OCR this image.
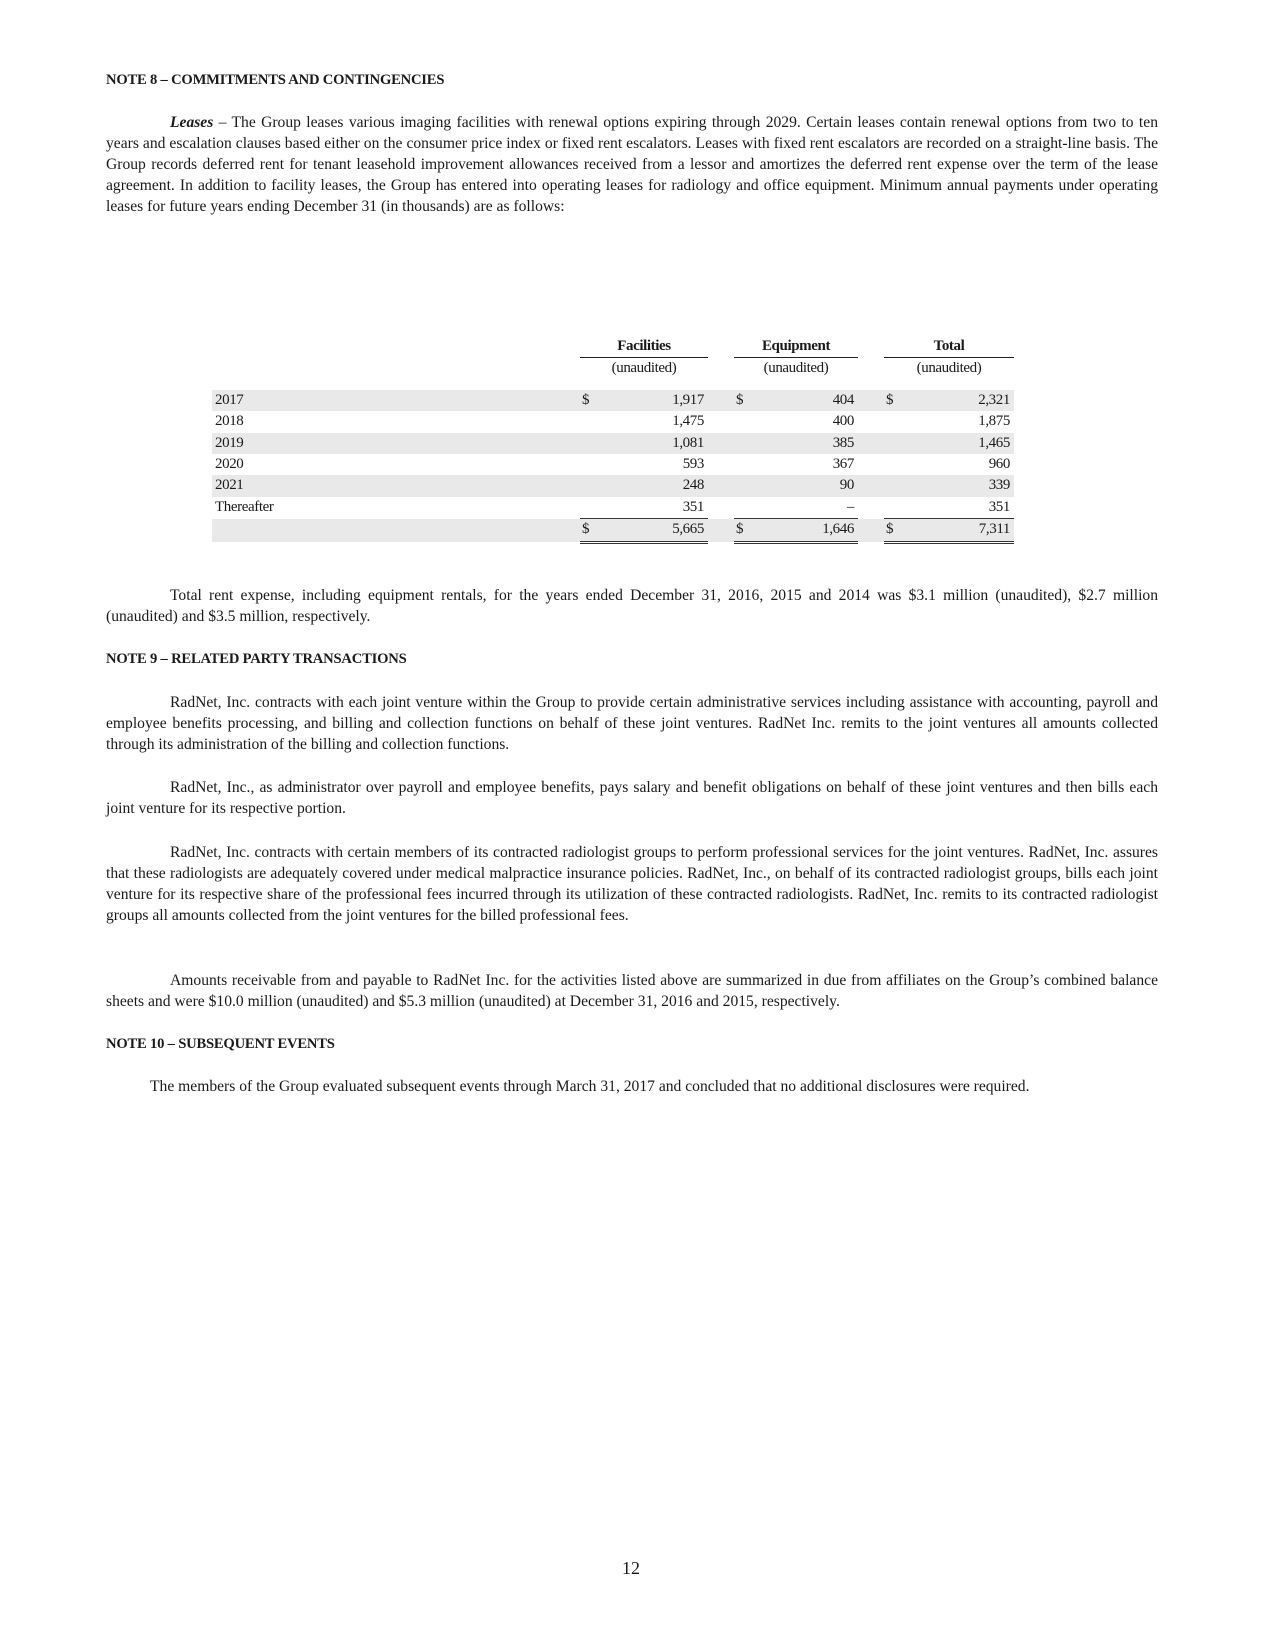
NOTE 8 – COMMITMENTS AND CONTINGENCIES

Leases – The Group leases various imaging facilities with renewal options expiring through 2029. Certain leases contain renewal options from two to ten years and escalation clauses based either on the consumer price index or fixed rent escalators. Leases with fixed rent escalators are recorded on a straight-line basis. The Group records deferred rent for tenant leasehold improvement allowances received from a lessor and amortizes the deferred rent expense over the term of the lease agreement. In addition to facility leases, the Group has entered into operating leases for radiology and office equipment. Minimum annual payments under operating leases for future years ending December 31 (in thousands) are as follows:

	Facilities			Equipment			Total	
	(unaudited)			(unaudited)			(unaudited)	

2017	$	1,917		$	404		$	2,321
2018		1,475			400			1,875
2019		1,081			385			1,465
2020		593			367			960
2021		248			90			339
Thereafter		351			–			351
	$	5,665		$	1,646		$	7,311

Total rent expense, including equipment rentals, for the years ended December 31, 2016, 2015 and 2014 was $3.1 million (unaudited), $2.7 million (unaudited) and $3.5 million, respectively.

NOTE 9 – RELATED PARTY TRANSACTIONS

RadNet, Inc. contracts with each joint venture within the Group to provide certain administrative services including assistance with accounting, payroll and employee benefits processing, and billing and collection functions on behalf of these joint ventures. RadNet Inc. remits to the joint ventures all amounts collected through its administration of the billing and collection functions.

RadNet, Inc., as administrator over payroll and employee benefits, pays salary and benefit obligations on behalf of these joint ventures and then bills each joint venture for its respective portion.

RadNet, Inc. contracts with certain members of its contracted radiologist groups to perform professional services for the joint ventures. RadNet, Inc. assures that these radiologists are adequately covered under medical malpractice insurance policies. RadNet, Inc., on behalf of its contracted radiologist groups, bills each joint venture for its respective share of the professional fees incurred through its utilization of these contracted radiologists. RadNet, Inc. remits to its contracted radiologist groups all amounts collected from the joint ventures for the billed professional fees.

Amounts receivable from and payable to RadNet Inc. for the activities listed above are summarized in due from affiliates on the Group’s combined balance sheets and were $10.0 million (unaudited) and $5.3 million (unaudited) at December 31, 2016 and 2015, respectively.

NOTE 10 – SUBSEQUENT EVENTS

The members of the Group evaluated subsequent events through March 31, 2017 and concluded that no additional disclosures were required.

12
